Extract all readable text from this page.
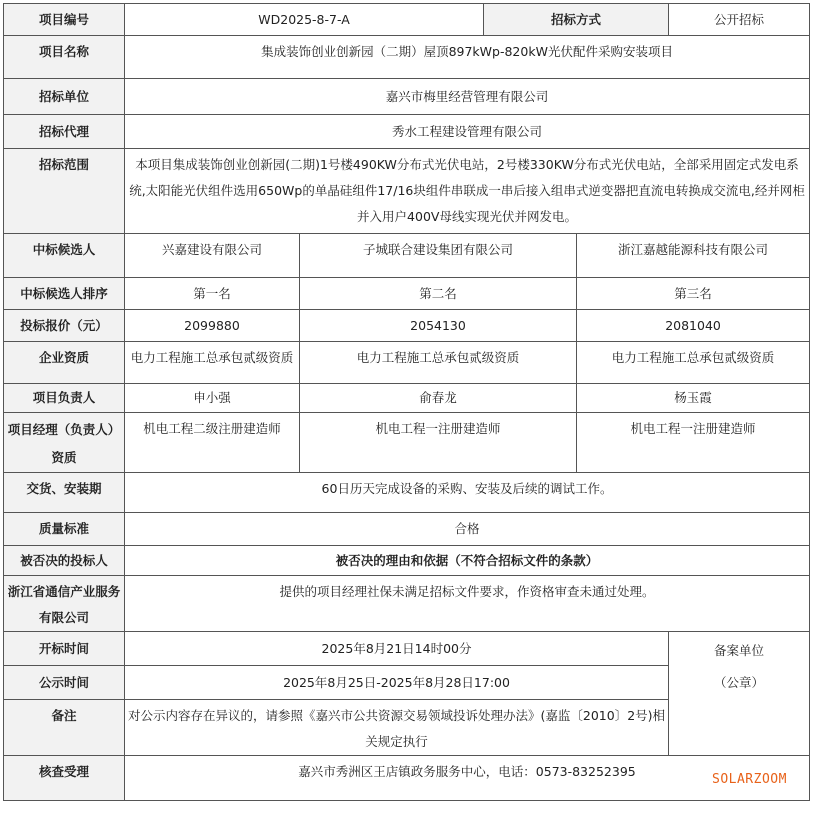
项目编号	WD2025-8-7-A		招标方式		公开招标
项目名称	集成装饰创业创新园（二期）屋顶897kWp-820kW光伏配件采购安装项目				
招标单位	嘉兴市梅里经营管理有限公司				
招标代理	秀水工程建设管理有限公司				
招标范围	本项目集成装饰创业创新园(二期)1号楼490KW分布式光伏电站，2号楼330KW分布式光伏电站，全部采用固定式发电系统,太阳能光伏组件选用650Wp的单晶硅组件17/16块组件串联成一串后接入组串式逆变器把直流电转换成交流电,经并网柜并入用户400V母线实现光伏并网发电。				
中标候选人	兴嘉建设有限公司	子城联合建设集团有限公司		浙江嘉越能源科技有限公司	
中标候选人排序	第一名	第二名		第三名	
投标报价（元）	2099880	2054130		2081040	
企业资质	电力工程施工总承包贰级资质	电力工程施工总承包贰级资质		电力工程施工总承包贰级资质	
项目负责人	申小强	俞春龙		杨玉霞	
项目经理（负责人）资质	机电工程二级注册建造师	机电工程一注册建造师		机电工程一注册建造师	
交货、安装期	60日历天完成设备的采购、安装及后续的调试工作。				
质量标准	合格				
被否决的投标人	被否决的理由和依据（不符合招标文件的条款）				
浙江省通信产业服务有限公司	提供的项目经理社保未满足招标文件要求，作资格审查未通过处理。				
开标时间	2025年8月21日14时00分				备案单位
（公章）

公示时间	2025年8月25日-2025年8月28日17:00				
备注	对公示内容存在异议的，请参照《嘉兴市公共资源交易领域投诉处理办法》(嘉监〔2010〕2号)相关规定执行				
核查受理	嘉兴市秀洲区王店镇政务服务中心，电话：0573-83252395				
SOLARZOOM
